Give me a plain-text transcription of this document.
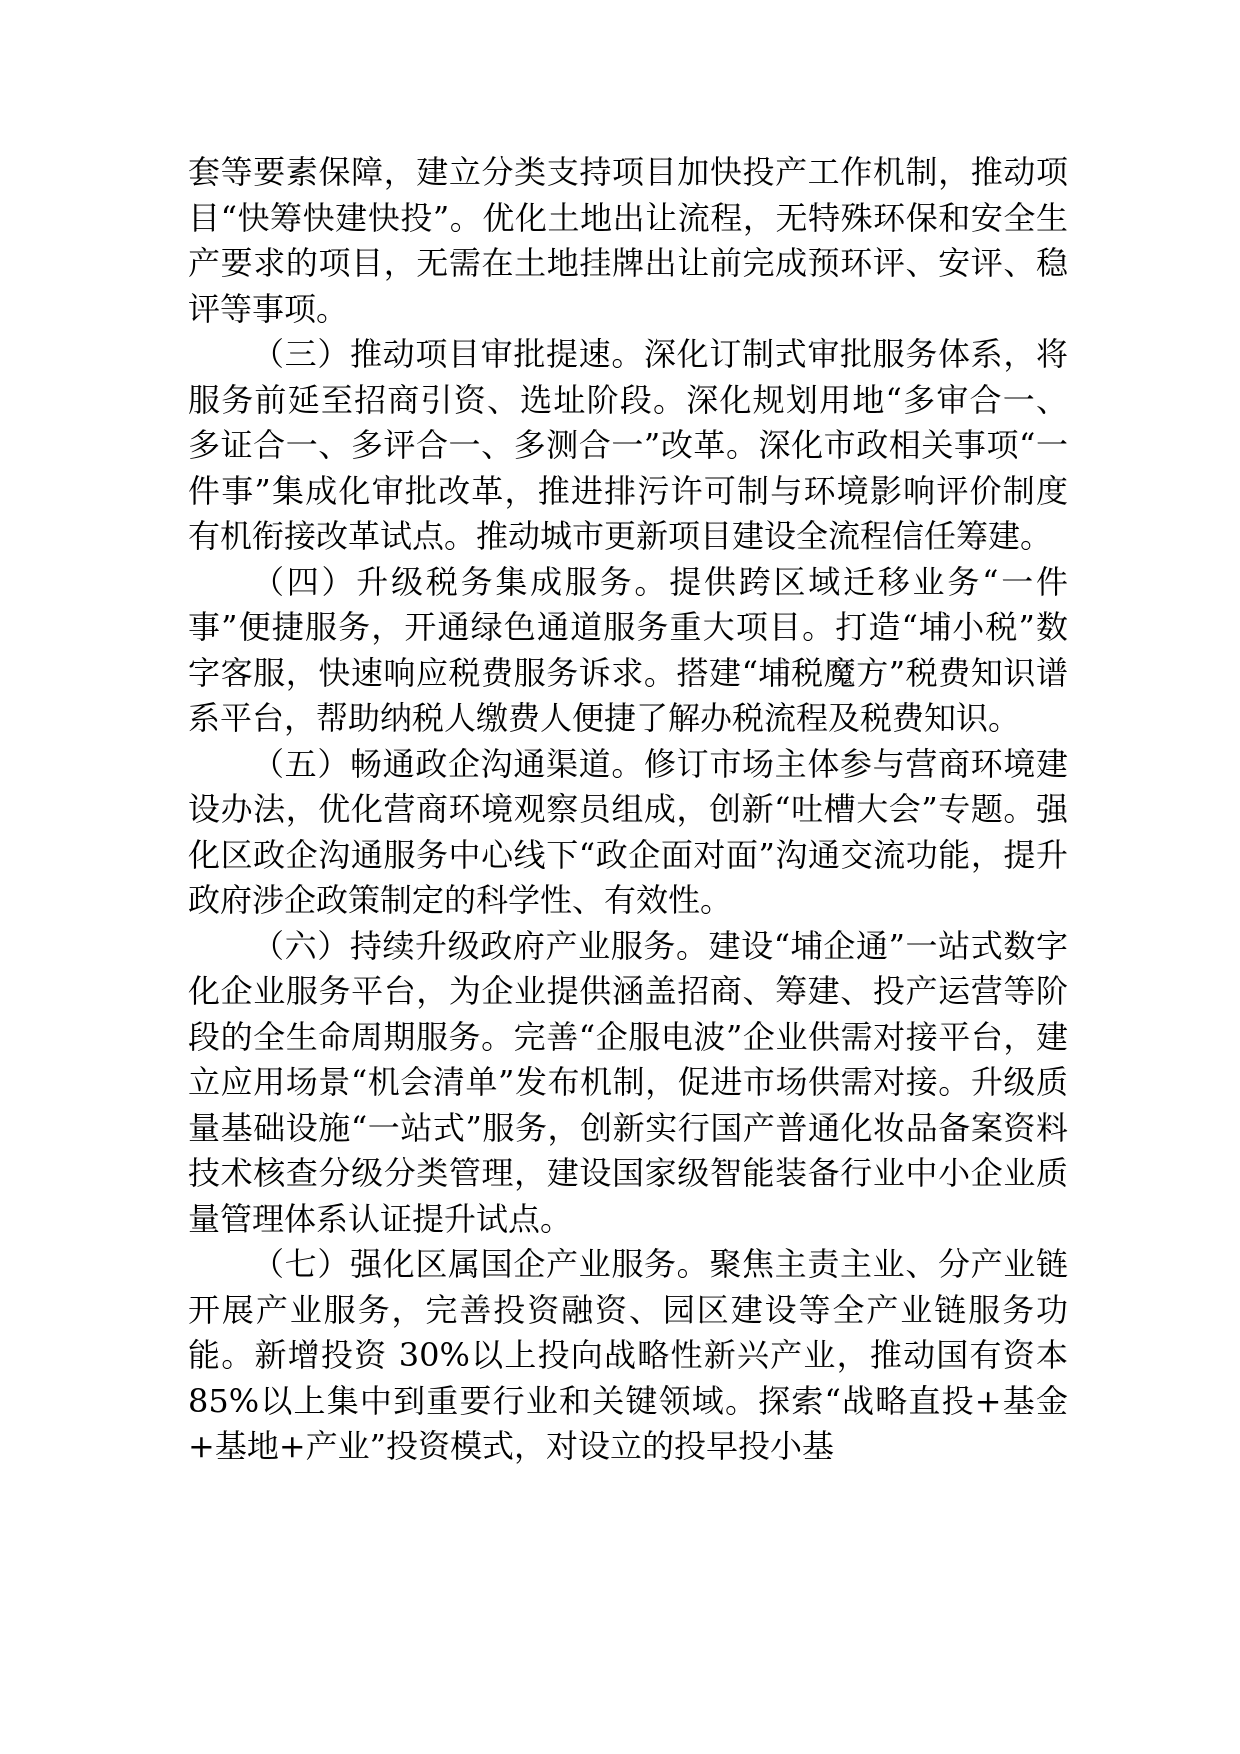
套等要素保障，建立分类支持项目加快投产工作机制，推动项目“快筹快建快投”。优化土地出让流程，无特殊环保和安全生产要求的项目，无需在土地挂牌出让前完成预环评、安评、稳评等事项。

（三）推动项目审批提速。深化订制式审批服务体系，将服务前延至招商引资、选址阶段。深化规划用地“多审合一、多证合一、多评合一、多测合一”改革。深化市政相关事项“一件事”集成化审批改革，推进排污许可制与环境影响评价制度有机衔接改革试点。推动城市更新项目建设全流程信任筹建。

（四）升级税务集成服务。提供跨区域迁移业务“一件事”便捷服务，开通绿色通道服务重大项目。打造“埔小税”数字客服，快速响应税费服务诉求。搭建“埔税魔方”税费知识谱系平台，帮助纳税人缴费人便捷了解办税流程及税费知识。

（五）畅通政企沟通渠道。修订市场主体参与营商环境建设办法，优化营商环境观察员组成，创新“吐槽大会”专题。强化区政企沟通服务中心线下“政企面对面”沟通交流功能，提升政府涉企政策制定的科学性、有效性。

（六）持续升级政府产业服务。建设“埔企通”一站式数字化企业服务平台，为企业提供涵盖招商、筹建、投产运营等阶段的全生命周期服务。完善“企服电波”企业供需对接平台，建立应用场景“机会清单”发布机制，促进市场供需对接。升级质量基础设施“一站式”服务，创新实行国产普通化妆品备案资料技术核查分级分类管理，建设国家级智能装备行业中小企业质量管理体系认证提升试点。

（七）强化区属国企产业服务。聚焦主责主业、分产业链开展产业服务，完善投资融资、园区建设等全产业链服务功能。新增投资 30%以上投向战略性新兴产业，推动国有资本 85%以上集中到重要行业和关键领域。探索“战略直投+基金+基地+产业”投资模式，对设立的投早投小基
